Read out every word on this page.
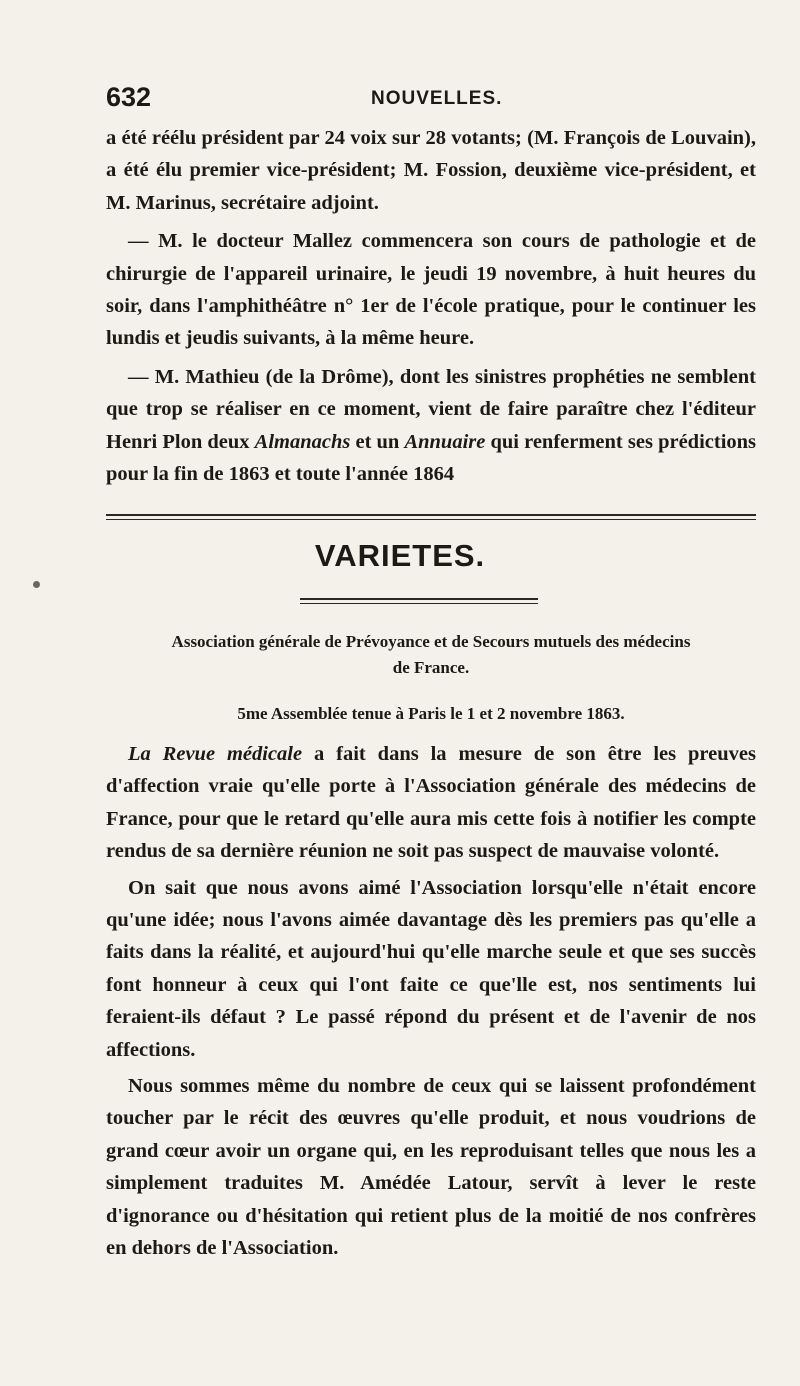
632	NOUVELLES.

a été réélu président par 24 voix sur 28 votants; (M. François de Louvain), a été élu premier vice-président; M. Fossion, deuxième vice-président, et M. Marinus, secrétaire adjoint.

— M. le docteur Mallez commencera son cours de pathologie et de chirurgie de l'appareil urinaire, le jeudi 19 novembre, à huit heures du soir, dans l'amphithéâtre n° 1er de l'école pratique, pour le continuer les lundis et jeudis suivants, à la même heure.

— M. Mathieu (de la Drôme), dont les sinistres prophéties ne semblent que trop se réaliser en ce moment, vient de faire paraître chez l'éditeur Henri Plon deux Almanachs et un Annuaire qui renferment ses prédictions pour la fin de 1863 et toute l'année 1864

VARIETES.
Association générale de Prévoyance et de Secours mutuels des médecins
de France.
5me Assemblée tenue à Paris le 1 et 2 novembre 1863.

La Revue médicale a fait dans la mesure de son être les preuves d'affection vraie qu'elle porte à l'Association générale des médecins de France, pour que le retard qu'elle aura mis cette fois à notifier les compte rendus de sa dernière réunion ne soit pas suspect de mauvaise volonté.

On sait que nous avons aimé l'Association lorsqu'elle n'était encore qu'une idée; nous l'avons aimée davantage dès les premiers pas qu'elle a faits dans la réalité, et aujourd'hui qu'elle marche seule et que ses succès font honneur à ceux qui l'ont faite ce que'lle est, nos sentiments lui feraient-ils défaut ? Le passé répond du présent et de l'avenir de nos affections.

Nous sommes même du nombre de ceux qui se laissent profondément toucher par le récit des œuvres qu'elle produit, et nous voudrions de grand cœur avoir un organe qui, en les reproduisant telles que nous les a simplement traduites M. Amédée Latour, servît à lever le reste d'ignorance ou d'hésitation qui retient plus de la moitié de nos confrères en dehors de l'Association.
